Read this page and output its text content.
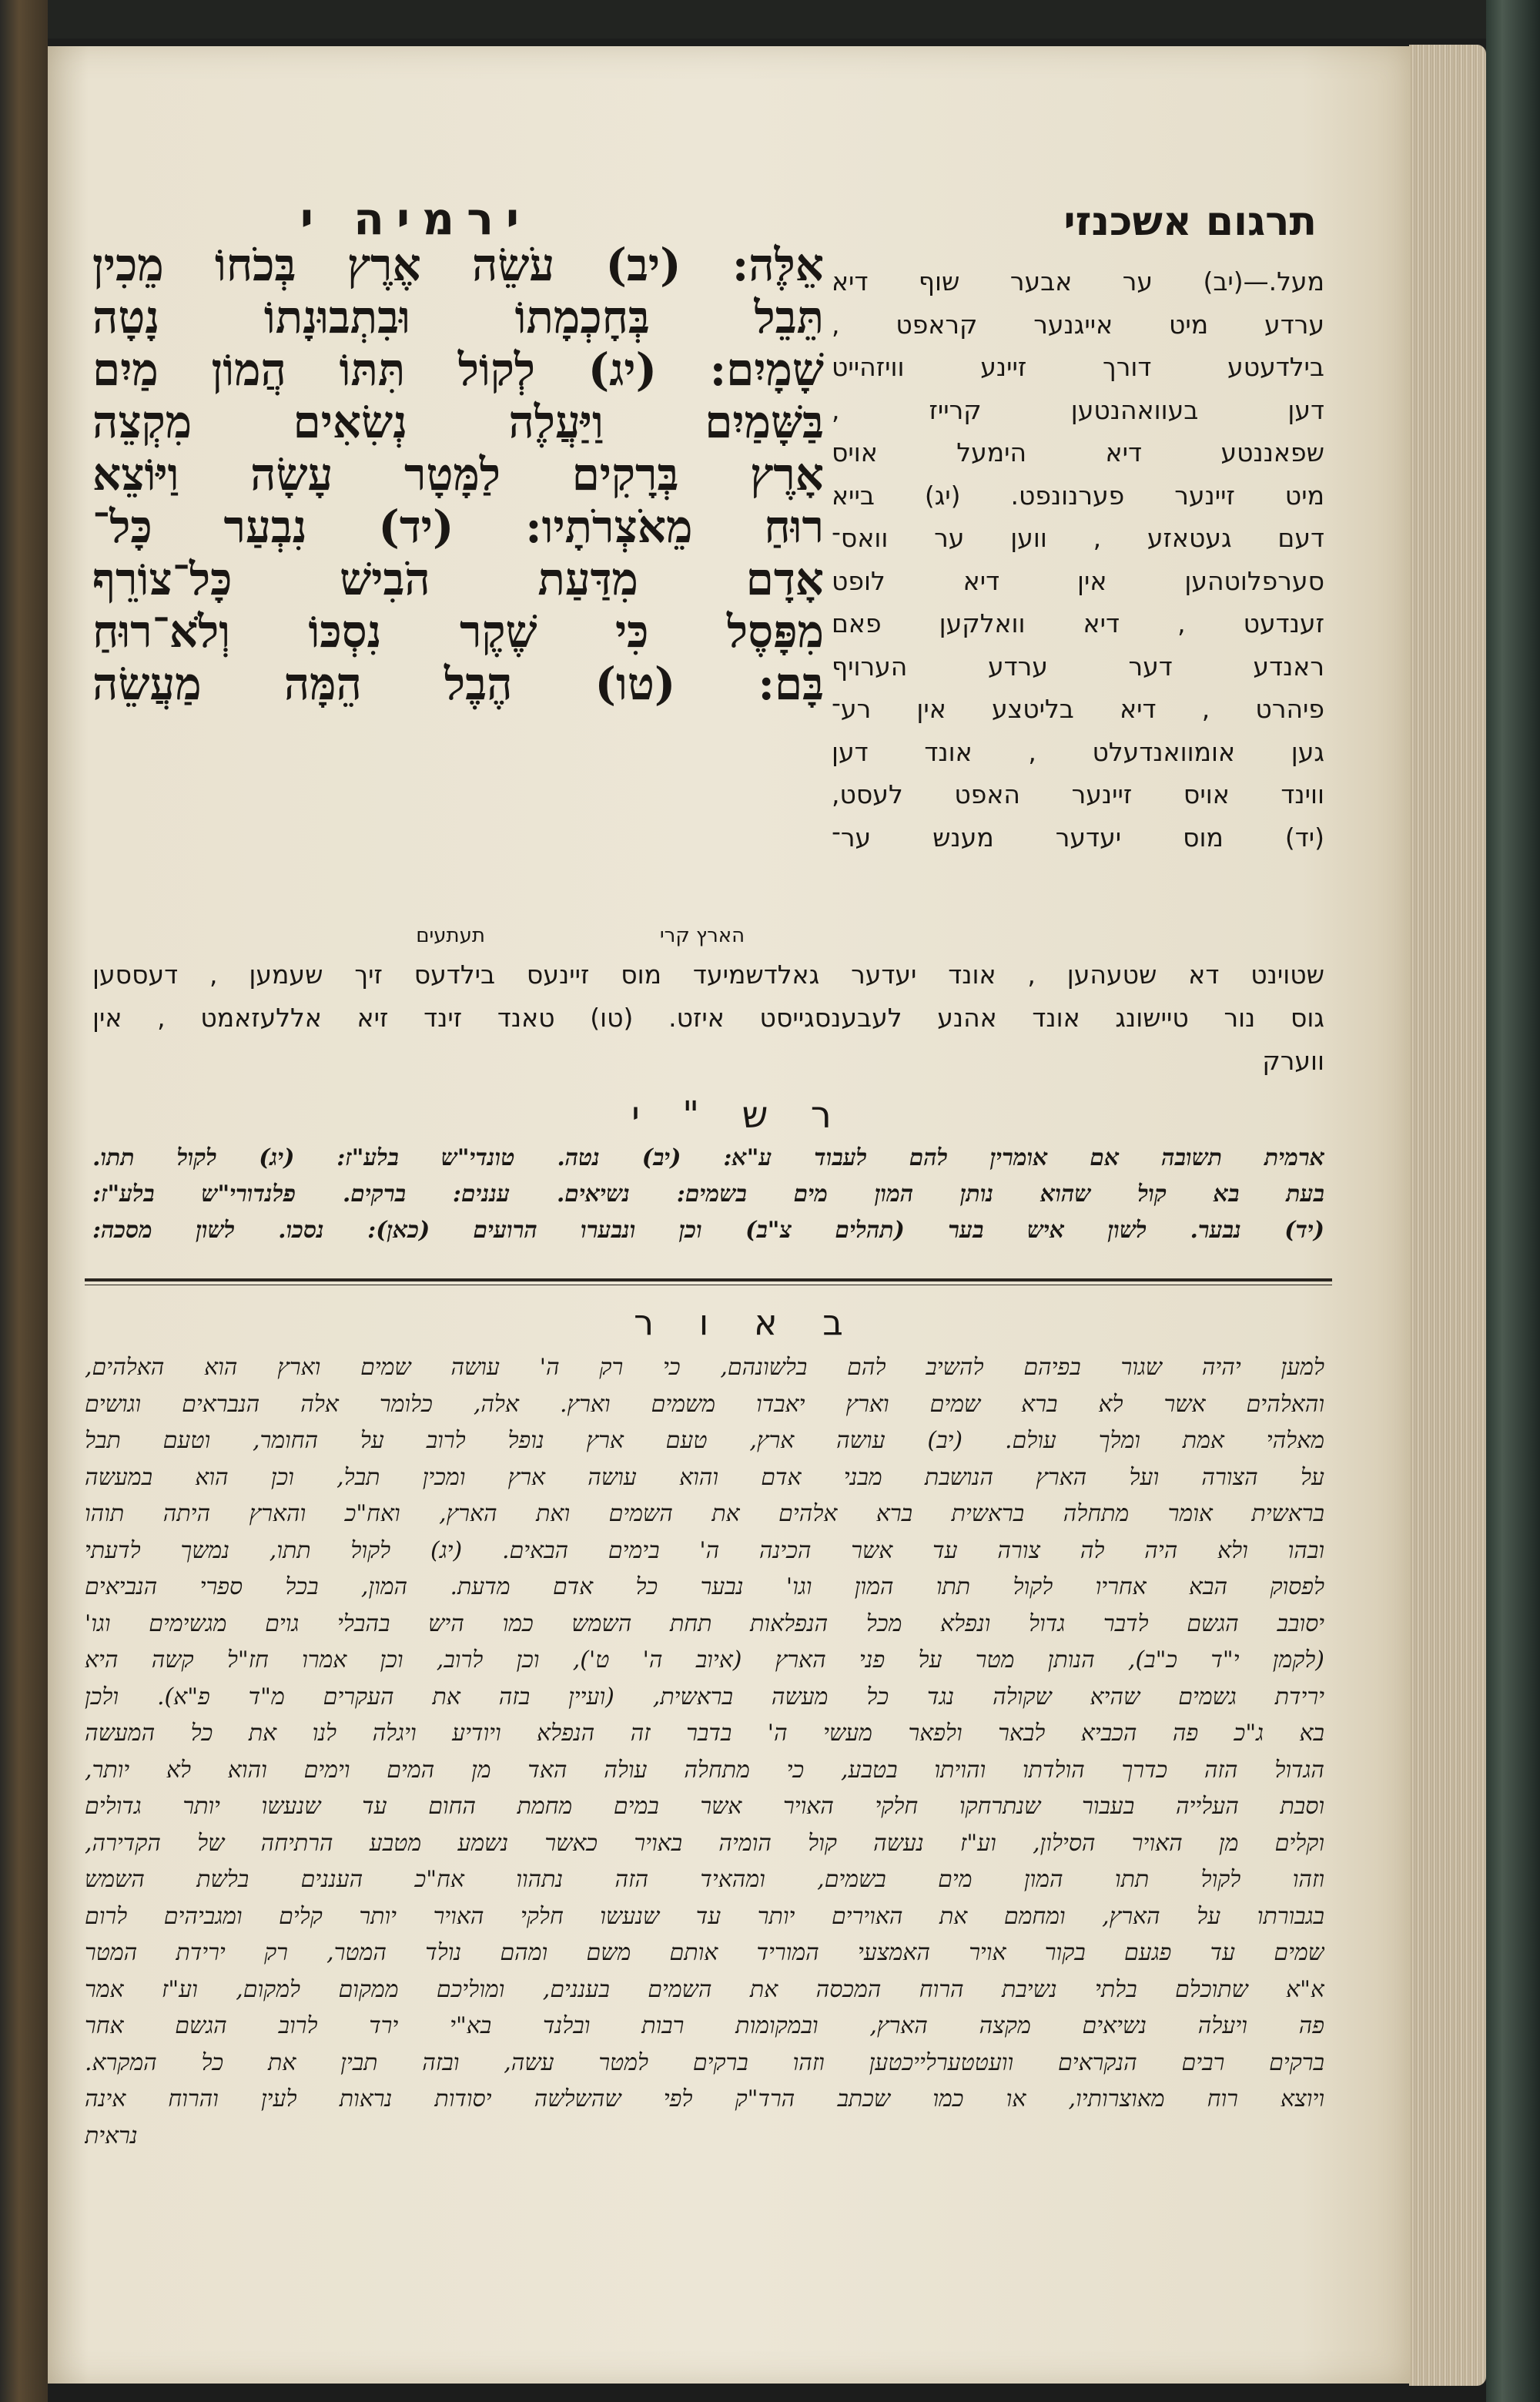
תרגום אשכנזי
ירמיה י
אֵלֶּה: (יב) עֹשֵׂה אֶרֶץ בְּכֹחוֹ מֵכִין
תֵּבֵל בְּחָכְמָתוֹ וּבִתְבוּנָתוֹ נָטָה
שָׁמָיִם: (יג) לְקוֹל תִּתּוֹ הֲמוֹן מַיִם
בַּשָּׁמַיִם וַיַּעֲלֶה נְשִׂאִים מִקְצֵה
אָרֶץ בְּרָקִים לַמָּטָר עָשָׂה וַיּוֹצֵא
רוּחַ מֵאֹצְרֹתָיו: (יד) נִבְעַר כָּל־
אָדָם מִדַּעַת הֹבִישׁ כָּל־צוֹרֵף
מִפָּסֶל כִּי שֶׁקֶר נִסְכּוֹ וְלֹא־רוּחַ
בָּם: (טו) הֶבֶל הֵמָּה מַעֲשֵׂה
מעל.—(יב) ער אבער שוף דיא
ערדע מיט אייגנער קראפט ,
בילדעטע דורך זיינע וויזהייט
דען בעוואהנטען קרייז ,
שפאננטע דיא הימעל אויס
מיט זיינער פערנונפט. (יג) בייא
דעם געטאזע , ווען ער וואס־
סערפלוטהען אין דיא לופט
זענדעט , דיא וואלקען פאם
ראנדע דער ערדע הערויף
פיהרט , דיא בליטצע אין רע־
גען אומוואנדעלט , אונד דען
ווינד אויס זיינער האפט לעסט,
(יד) מוס יעדער מענש ער־
תעתעים	הארץ קרי
שטוינט דא שטעהען , אונד יעדער גאלדשמיעד מוס זיינעס בילדעס זיך שעמען , דעססען
גוס נור טיישונג אונד אהנע לעבענסגייסט איזט. (טו) טאנד זינד זיא אללעזאמט , אין
ווערק
ר ש " י
ארמית תשובה אם אומרין להם לעבוד ע"א: (יב) נטה. טונדי"ש בלע"ז: (יג) לקול תתו.
בעת בא קול שהוא נותן המון מים בשמים: נשיאים. עננים: ברקים. פלנדורי"ש בלע"ז:
(יד) נבער. לשון איש בער (תהלים צ"ב) וכן ונבערו הרועים (כאן): נסכו. לשון מסכה:
ב א ו ר
למען יהיה שגור בפיהם להשיב להם בלשונהם, כי רק ה' עושה שמים וארץ הוא האלהים,
והאלהים אשר לא ברא שמים וארץ יאבדו משמים וארץ. אלה, כלומר אלה הנבראים וגושים
מאלהי אמת ומלך עולם. (יב) עושה ארץ, טעם ארץ נופל לרוב על החומר, וטעם תבל
על הצורה ועל הארץ הנושבת מבני אדם והוא עושה ארץ ומכין תבל, וכן הוא במעשה
בראשית אומר מתחלה בראשית ברא אלהים את השמים ואת הארץ, ואח"כ והארץ היתה תוהו
ובהו ולא היה לה צורה עד אשר הכינה ה' בימים הבאים. (יג) לקול תתו, נמשך לדעתי
לפסוק הבא אחריו לקול תתו המון וגו' נבער כל אדם מדעת. המון, בכל ספרי הנביאים
יסובב הגשם לדבר גדול ונפלא מכל הנפלאות תחת השמש כמו היש בהבלי גוים מגשימים וגו'
(לקמן י"ד כ"ב), הנותן מטר על פני הארץ (איוב ה' ט'), וכן לרוב, וכן אמרו חז"ל קשה היא
ירידת גשמים שהיא שקולה נגד כל מעשה בראשית, (ועיין בזה את העקרים מ"ד פ"א). ולכן
בא ג"כ פה הכביא לבאר ולפאר מעשי ה' בדבר זה הנפלא ויודיע ויגלה לנו את כל המעשה
הגדול הזה כדרך הולדתו והויתו בטבע, כי מתחלה עולה האד מן המים וימים והוא לא יותר,
וסבת העלייה בעבור שנתרחקו חלקי האויר אשר במים מחמת החום עד שנעשו יותר גדולים
וקלים מן האויר הסילון, וע"ז נעשה קול הומיה באויר כאשר נשמע מטבע הרתיחה של הקדירה,
וזהו לקול תתו המון מים בשמים, ומהאיד הזה נתהוו אח"כ העננים בלשת השמש
בגבורתו על הארץ, ומחמם את האוירים יותר עד שנעשו חלקי האויר יותר קלים ומגביהים לרום
שמים עד פגעם בקור אויר האמצעי המוריד אותם משם ומהם נולד המטר, רק ירידת המטר
א"א שתוכלם בלתי נשיבת הרוח המכסה את השמים בעננים, ומוליכם ממקום למקום, וע"ז אמר
פה ויעלה נשיאים מקצה הארץ, ובמקומות רבות ובלנד בא"י ירד לרוב הגשם אחר
ברקים רבים הנקראים וועטטערלייכטען וזהו ברקים למטר עשה, ובזה תבין את כל המקרא.
ויוצא רוח מאוצרותיו, או כמו שכתב הרד"ק לפי שהשלשה יסודות נראות לעין והרוח אינה
נראית
